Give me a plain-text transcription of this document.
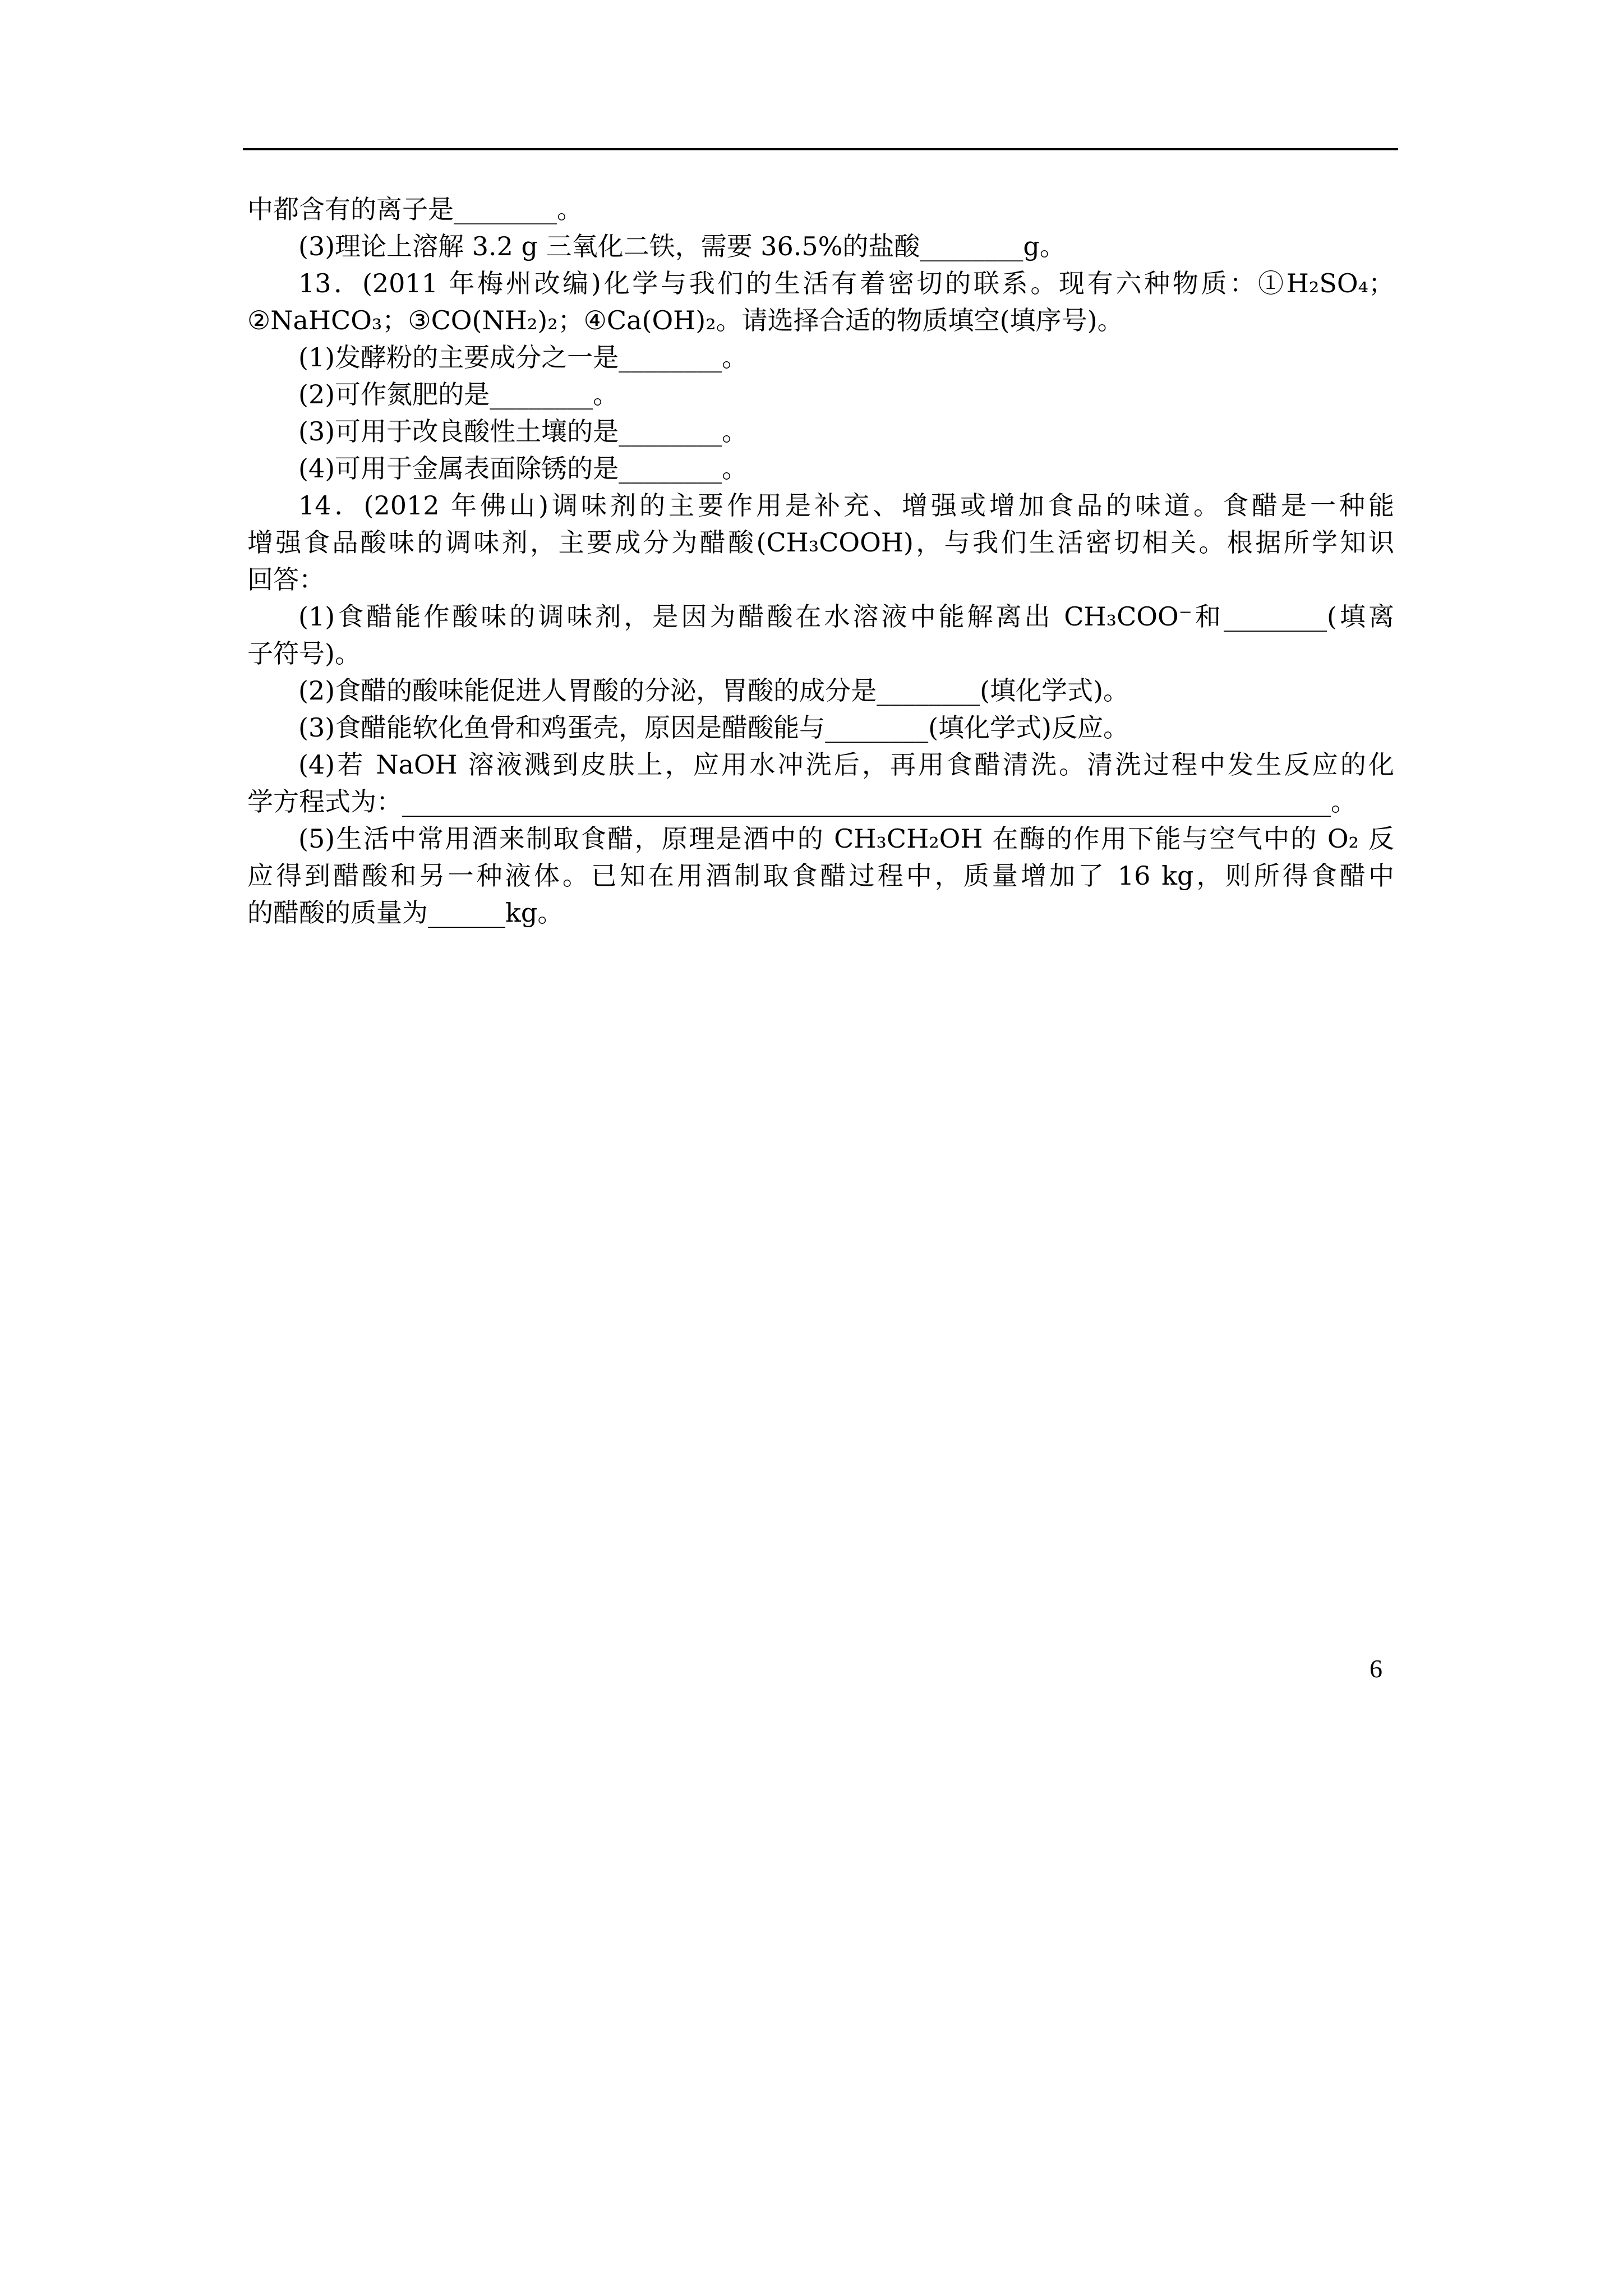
中都含有的离子是________。
(3)理论上溶解 3.2 g 三氧化二铁，需要 36.5%的盐酸________g。
13．(2011 年梅州改编)化学与我们的生活有着密切的联系。现有六种物质：①H₂SO₄；
②NaHCO₃；③CO(NH₂)₂；④Ca(OH)₂。请选择合适的物质填空(填序号)。
(1)发酵粉的主要成分之一是________。
(2)可作氮肥的是________。
(3)可用于改良酸性土壤的是________。
(4)可用于金属表面除锈的是________。
14．(2012 年佛山)调味剂的主要作用是补充、增强或增加食品的味道。食醋是一种能
增强食品酸味的调味剂，主要成分为醋酸(CH₃COOH)，与我们生活密切相关。根据所学知识
回答：
(1)食醋能作酸味的调味剂，是因为醋酸在水溶液中能解离出 CH₃COO⁻和________(填离
子符号)。
(2)食醋的酸味能促进人胃酸的分泌，胃酸的成分是________(填化学式)。
(3)食醋能软化鱼骨和鸡蛋壳，原因是醋酸能与________(填化学式)反应。
(4)若 NaOH 溶液溅到皮肤上，应用水冲洗后，再用食醋清洗。清洗过程中发生反应的化
学方程式为：________________________________________________________________________。
(5)生活中常用酒来制取食醋，原理是酒中的 CH₃CH₂OH 在酶的作用下能与空气中的 O₂ 反
应得到醋酸和另一种液体。已知在用酒制取食醋过程中，质量增加了 16 kg，则所得食醋中
的醋酸的质量为______kg。
6
